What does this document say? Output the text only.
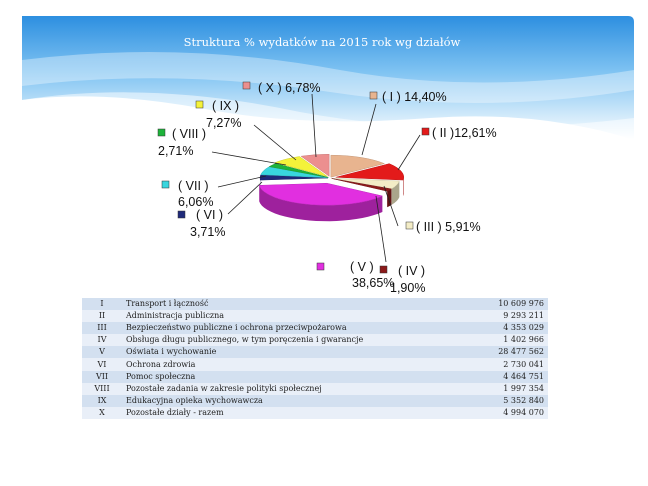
Struktura % wydatków na 2015 rok wg działów
( I ) 14,40%
( II )12,61%
( III ) 5,91%
( IV )
1,90%
( V )
38,65%
( VI )
3,71%
( VII )
6,06%
( VIII )
2,71%
( IX )
7,27%
( X ) 6,78%
I	Transport i łączność	10 609 976
II	Administracja publiczna	9 293 211
III	Bezpieczeństwo publiczne i ochrona przeciwpożarowa	4 353 029
IV	Obsługa długu publicznego, w tym poręczenia i gwarancje	1 402 966
V	Oświata i wychowanie	28 477 562
VI	Ochrona zdrowia	2 730 041
VII	Pomoc społeczna	4 464 751
VIII	Pozostałe zadania w zakresie polityki społecznej	1 997 354
IX	Edukacyjna opieka wychowawcza	5 352 840
X	Pozostałe działy - razem	4 994 070
